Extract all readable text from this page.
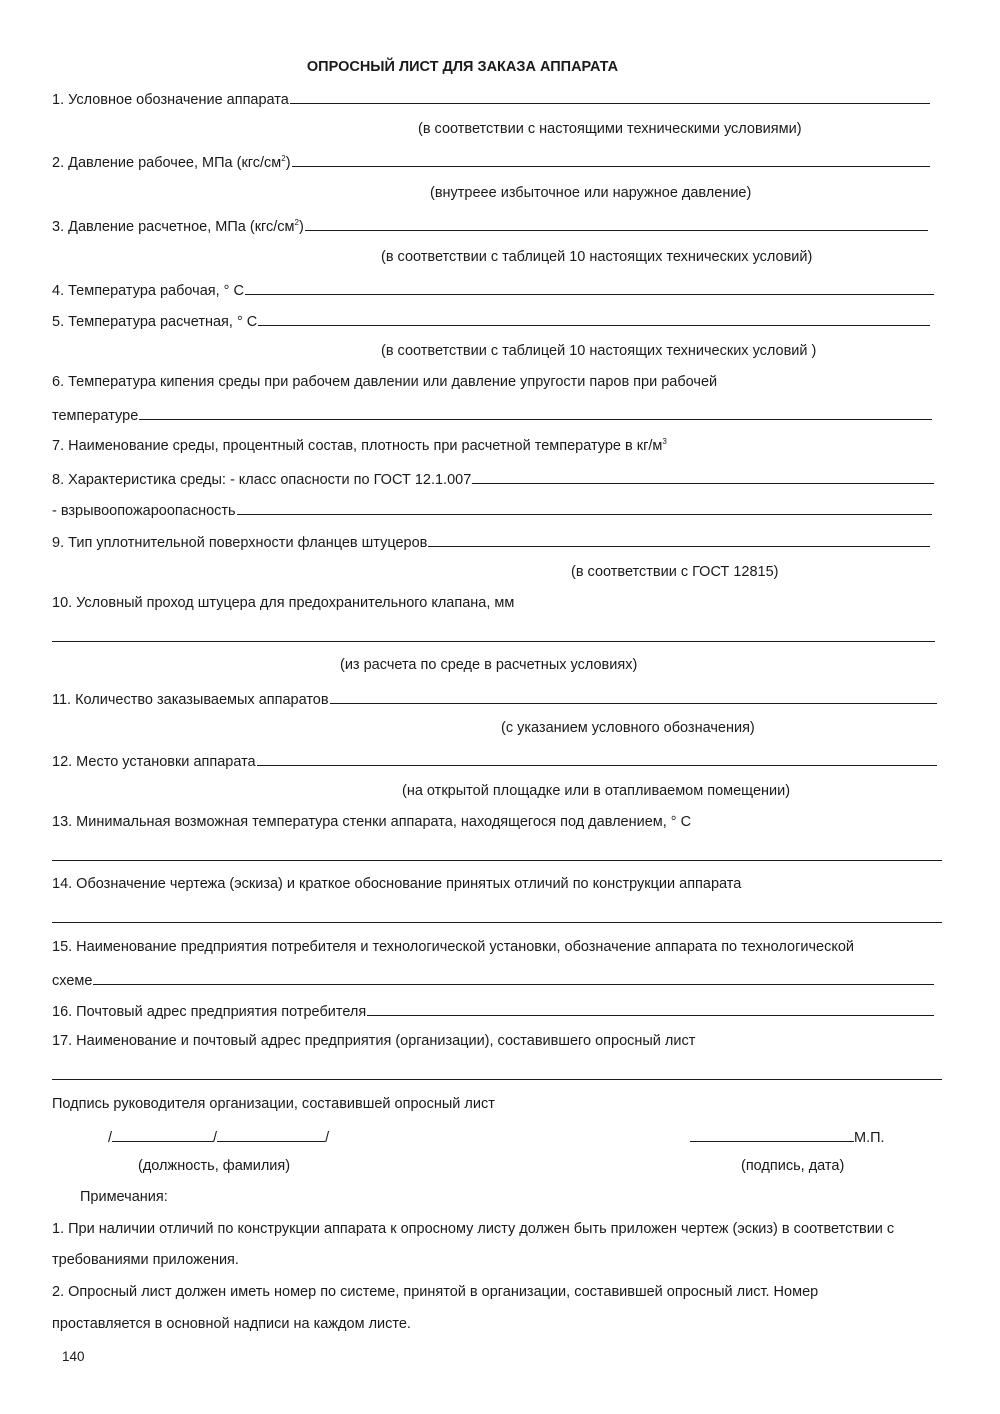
ОПРОСНЫЙ ЛИСТ ДЛЯ ЗАКАЗА АППАРАТА
1. Условное обозначение аппарата
(в соответствии с настоящими техническими условиями)
2. Давление рабочее, МПа $(кгс/см^2)$
(внутреее избыточное или наружное давление)
3. Давление расчетное, МПа $(кгс/см^2)$
(в соответствии с таблицей 10 настоящих технических условий)
4. Температура рабочая, ° С
5. Температура расчетная, ° С
(в соответствии с таблицей 10 настоящих технических условий )
6. Температура кипения среды при рабочем давлении или давление упругости паров при рабочей
температуре
7. Наименование среды, процентный состав, плотность при расчетной температуре в $кг/м^3$
8. Характеристика среды: - класс опасности по ГОСТ 12.1.007
- взрывоопожароопасность
9. Тип уплотнительной поверхности фланцев штуцеров
(в соответствии с ГОСТ 12815)
10. Условный проход штуцера для предохранительного клапана, мм
(из расчета по среде в расчетных условиях)
11. Количество заказываемых аппаратов
(с указанием условного обозначения)
12. Место установки аппарата
(на открытой площадке или в отапливаемом помещении)
13. Минимальная возможная температура стенки аппарата, находящегося под давлением, ° С
14. Обозначение чертежа (эскиза) и краткое обоснование принятых отличий по конструкции аппарата
15. Наименование предприятия потребителя и технологической установки, обозначение аппарата по технологической
схеме
16. Почтовый адрес предприятия потребителя
17. Наименование и почтовый адрес предприятия (организации), составившего опросный лист
Подпись руководителя организации, составившей опросный лист
/	/	/	М.П.
(должность, фамилия)	(подпись, дата)
Примечания:
1. При наличии отличий по конструкции аппарата к опросному листу должен быть приложен чертеж (эскиз) в соответствии с
требованиями приложения.
2. Опросный лист должен иметь номер по системе, принятой в организации, составившей опросный лист. Номер
проставляется в основной надписи на каждом листе.
140
